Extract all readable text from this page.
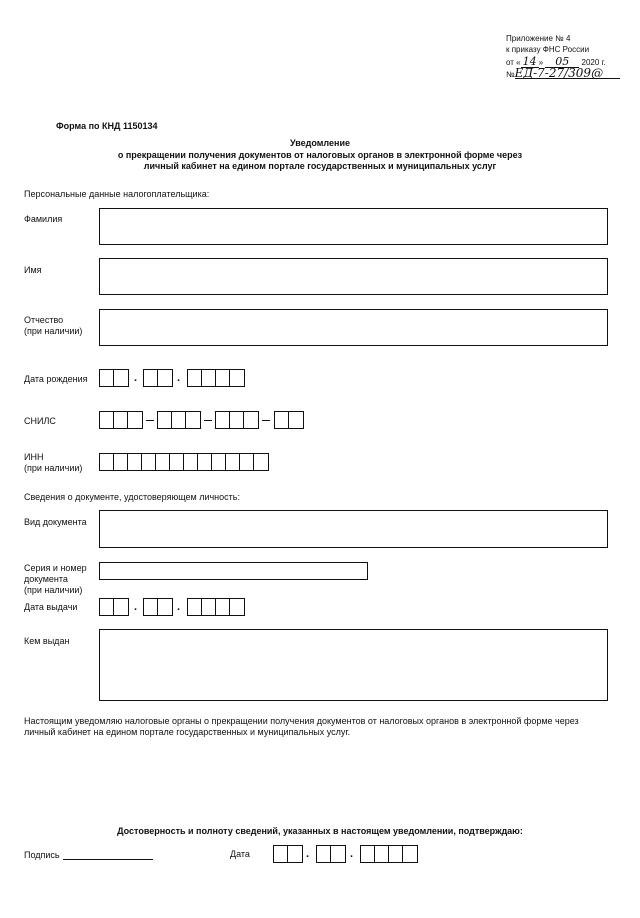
Приложение № 4
к приказу ФНС России
от « 14 » 05 2020 г.
№ЕД-7-27/309@
Форма по КНД 1150134
Уведомление
о прекращении получения документов от налоговых органов в электронной форме через
личный кабинет на едином портале государственных и муниципальных услуг
Персональные данные налогоплательщика:
Фамилия
Имя
Отчество
(при наличии)
Дата рождения	.	.
СНИЛС
ИНН
(при наличии)
Сведения о документе, удостоверяющем личность:
Вид документа
Серия и номер
документа
(при наличии)
Дата выдачи	.	.
Кем выдан
Настоящим уведомляю налоговые органы о прекращении получения документов от налоговых органов в электронной форме через
личный кабинет на едином портале государственных и муниципальных услуг.
Достоверность и полноту сведений, указанных в настоящем уведомлении, подтверждаю:
Подпись	Дата	.	.
